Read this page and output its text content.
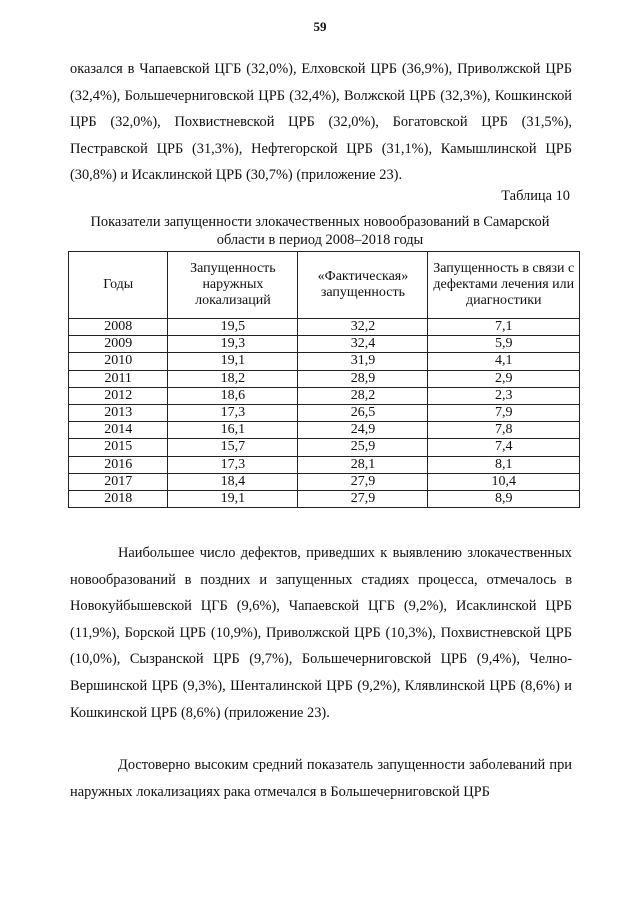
59

оказался в Чапаевской ЦГБ (32,0%), Елховской ЦРБ (36,9%), Приволжской ЦРБ (32,4%), Большечерниговской ЦРБ (32,4%), Волжской ЦРБ (32,3%), Кошкинской ЦРБ (32,0%), Похвистневской ЦРБ (32,0%), Богатовской ЦРБ (31,5%), Пестравской ЦРБ (31,3%), Нефтегорской ЦРБ (31,1%), Камышлинской ЦРБ (30,8%) и Исаклинской ЦРБ (30,7%) (приложение 23).

Таблица 10
Показатели запущенности злокачественных новообразований в Самарской области в период 2008–2018 годы
Годы	Запущенность наружных локализаций	«Фактическая» запущенность	Запущенность в связи с дефектами лечения или диагностики
2008	19,5	32,2	7,1
2009	19,3	32,4	5,9
2010	19,1	31,9	4,1
2011	18,2	28,9	2,9
2012	18,6	28,2	2,3
2013	17,3	26,5	7,9
2014	16,1	24,9	7,8
2015	15,7	25,9	7,4
2016	17,3	28,1	8,1
2017	18,4	27,9	10,4
2018	19,1	27,9	8,9

Наибольшее число дефектов, приведших к выявлению злокачественных новообразований в поздних и запущенных стадиях процесса, отмечалось в Новокуйбышевской ЦГБ (9,6%), Чапаевской ЦГБ (9,2%), Исаклинской ЦРБ (11,9%), Борской ЦРБ (10,9%), Приволжской ЦРБ (10,3%), Похвистневской ЦРБ (10,0%), Сызранской ЦРБ (9,7%), Большечерниговской ЦРБ (9,4%), Челно-Вершинской ЦРБ (9,3%), Шенталинской ЦРБ (9,2%), Клявлинской ЦРБ (8,6%) и Кошкинской ЦРБ (8,6%) (приложение 23).

Достоверно высоким средний показатель запущенности заболеваний при наружных локализациях рака отмечался в Большечерниговской ЦРБ
